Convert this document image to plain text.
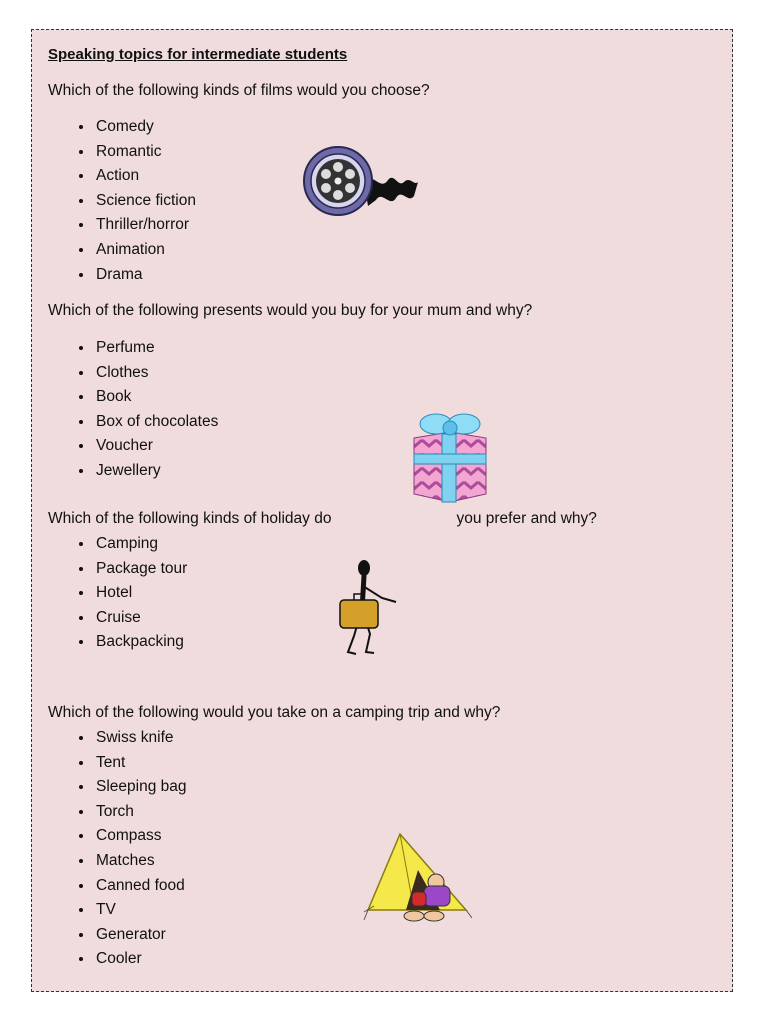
Speaking topics for intermediate students

Which of the following kinds of films would you choose?

• Comedy
• Romantic
• Action
• Science fiction
• Thriller/horror
• Animation
• Drama

Which of the following presents would you buy for your mum and why?

• Perfume
• Clothes
• Book
• Box of chocolates
• Voucher
• Jewellery

Which of the following kinds of holiday do	you prefer and why?

• Camping
• Package tour
• Hotel
• Cruise
• Backpacking

Which of the following would you take on a camping trip and why?

• Swiss knife
• Tent
• Sleeping bag
• Torch
• Compass
• Matches
• Canned food
• TV
• Generator
• Cooler
